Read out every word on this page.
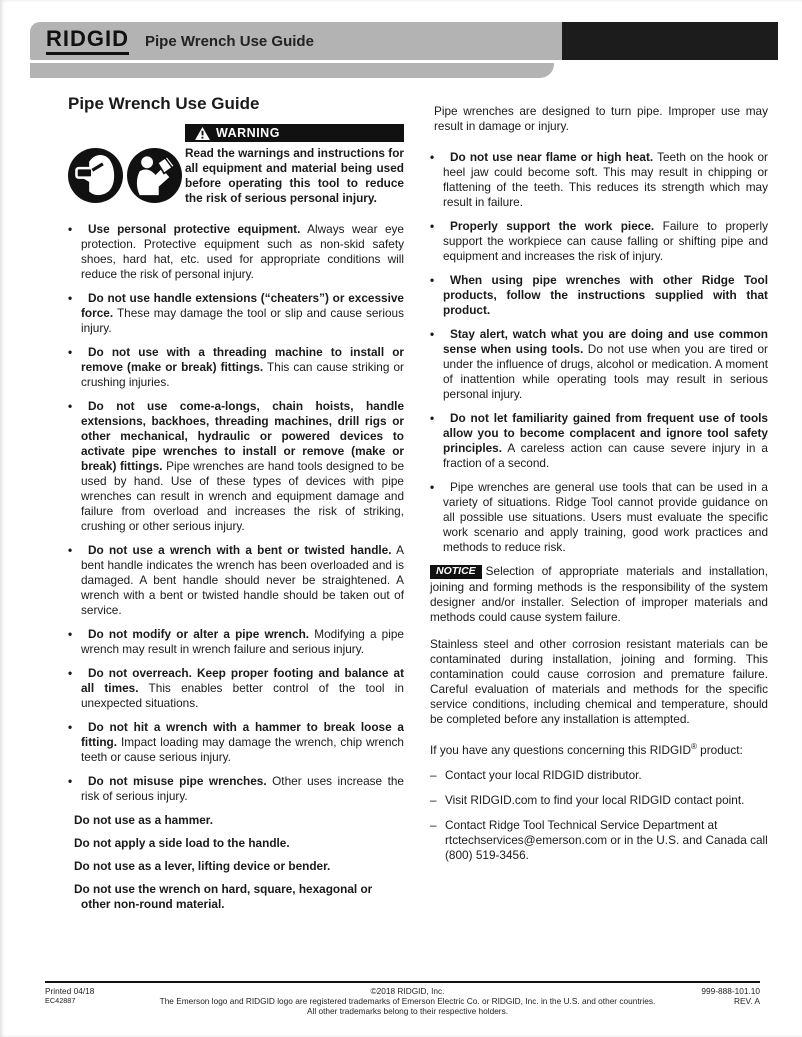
RIDGID Pipe Wrench Use Guide
Pipe Wrench Use Guide
WARNING

Read the warnings and instructions for all equipment and material being used before operating this tool to reduce the risk of serious personal injury.

• Use personal protective equipment. Always wear eye protection. Protective equipment such as non-skid safety shoes, hard hat, etc. used for appropriate conditions will reduce the risk of personal injury.
• Do not use handle extensions (“cheaters”) or excessive force. These may damage the tool or slip and cause serious injury.
• Do not use with a threading machine to install or remove (make or break) fittings. This can cause striking or crushing injuries.
• Do not use come-a-longs, chain hoists, handle extensions, backhoes, threading machines, drill rigs or other mechanical, hydraulic or powered devices to activate pipe wrenches to install or remove (make or break) fittings. Pipe wrenches are hand tools designed to be used by hand. Use of these types of devices with pipe wrenches can result in wrench and equipment damage and failure from overload and increases the risk of striking, crushing or other serious injury.
• Do not use a wrench with a bent or twisted handle. A bent handle indicates the wrench has been overloaded and is damaged. A bent handle should never be straightened. A wrench with a bent or twisted handle should be taken out of service.
• Do not modify or alter a pipe wrench. Modifying a pipe wrench may result in wrench failure and serious injury.
• Do not overreach. Keep proper footing and balance at all times. This enables better control of the tool in unexpected situations.
• Do not hit a wrench with a hammer to break loose a fitting. Impact loading may damage the wrench, chip wrench teeth or cause serious injury.
• Do not misuse pipe wrenches. Other uses increase the risk of serious injury.

Do not use as a hammer.

Do not apply a side load to the handle.

Do not use as a lever, lifting device or bender.

Do not use the wrench on hard, square, hexagonal or other non-round material.

Pipe wrenches are designed to turn pipe. Improper use may result in damage or injury.

• Do not use near flame or high heat. Teeth on the hook or heel jaw could become soft. This may result in chipping or flattening of the teeth. This reduces its strength which may result in failure.
• Properly support the work piece. Failure to properly support the workpiece can cause falling or shifting pipe and equipment and increases the risk of injury.
• When using pipe wrenches with other Ridge Tool products, follow the instructions supplied with that product.
• Stay alert, watch what you are doing and use common sense when using tools. Do not use when you are tired or under the influence of drugs, alcohol or medication. A moment of inattention while operating tools may result in serious personal injury.
• Do not let familiarity gained from frequent use of tools allow you to become complacent and ignore tool safety principles. A careless action can cause severe injury in a fraction of a second.
• Pipe wrenches are general use tools that can be used in a variety of situations. Ridge Tool cannot provide guidance on all possible use situations. Users must evaluate the specific work scenario and apply training, good work practices and methods to reduce risk.

NOTICE Selection of appropriate materials and installation, joining and forming methods is the responsibility of the system designer and/or installer. Selection of improper materials and methods could cause system failure.

Stainless steel and other corrosion resistant materials can be contaminated during installation, joining and forming. This contamination could cause corrosion and premature failure. Careful evaluation of materials and methods for the specific service conditions, including chemical and temperature, should be completed before any installation is attempted.

If you have any questions concerning this RIDGID® product:

– Contact your local RIDGID distributor.

– Visit RIDGID.com to find your local RIDGID contact point.

– Contact Ridge Tool Technical Service Department at rtctechservices@emerson.com or in the U.S. and Canada call (800) 519-3456.

Printed 04/18
EC42887
©2018 RIDGID, Inc.
The Emerson logo and RIDGID logo are registered trademarks of Emerson Electric Co. or RIDGID, Inc. in the U.S. and other countries.
All other trademarks belong to their respective holders.
999-888-101.10
REV. A
